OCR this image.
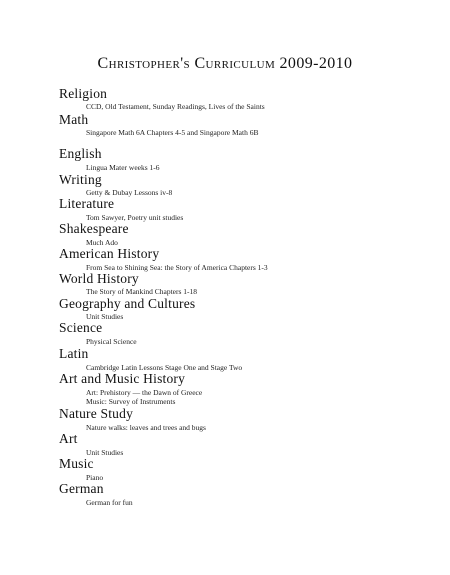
Christopher's Curriculum 2009-2010
Religion
CCD, Old Testament, Sunday Readings, Lives of the Saints
Math
Singapore Math 6A Chapters 4-5 and Singapore Math 6B
English
Lingua Mater weeks 1-6
Writing
Getty & Dubay Lessons iv-8
Literature
Tom Sawyer, Poetry unit studies
Shakespeare
Much Ado
American History
From Sea to Shining Sea: the Story of America Chapters 1-3
World History
The Story of Mankind Chapters 1-18
Geography and Cultures
Unit Studies
Science
Physical Science
Latin
Cambridge Latin Lessons Stage One and Stage Two
Art and Music History
Art: Prehistory — the Dawn of Greece
Music: Survey of Instruments
Nature Study
Nature walks: leaves and trees and bugs
Art
Unit Studies
Music
Piano
German
German for fun
